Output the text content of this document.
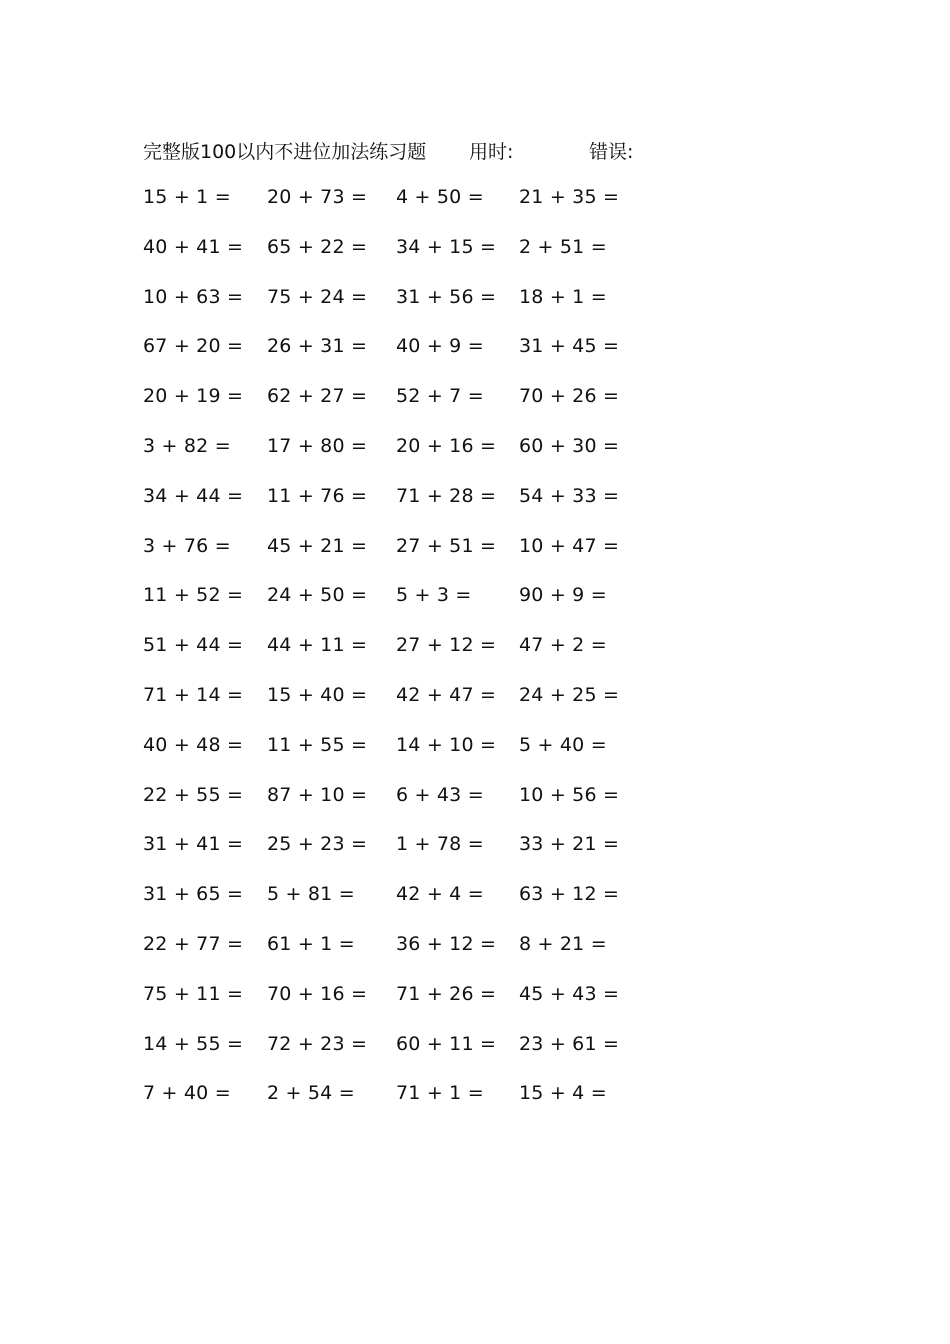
完整版100以内不进位加法练习题 用时:	错误:
15 + 1 = 20 + 73 = 4 + 50 = 21 + 35 =
40 + 41 = 65 + 22 = 34 + 15 = 2 + 51 =
10 + 63 = 75 + 24 = 31 + 56 = 18 + 1 =
67 + 20 = 26 + 31 = 40 + 9 = 31 + 45 =
20 + 19 = 62 + 27 = 52 + 7 = 70 + 26 =
3 + 82 = 17 + 80 = 20 + 16 = 60 + 30 =
34 + 44 = 11 + 76 = 71 + 28 = 54 + 33 =
3 + 76 = 45 + 21 = 27 + 51 = 10 + 47 =
11 + 52 = 24 + 50 = 5 + 3 = 90 + 9 =
51 + 44 = 44 + 11 = 27 + 12 = 47 + 2 =
71 + 14 = 15 + 40 = 42 + 47 = 24 + 25 =
40 + 48 = 11 + 55 = 14 + 10 = 5 + 40 =
22 + 55 = 87 + 10 = 6 + 43 = 10 + 56 =
31 + 41 = 25 + 23 = 1 + 78 = 33 + 21 =
31 + 65 = 5 + 81 = 42 + 4 = 63 + 12 =
22 + 77 = 61 + 1 = 36 + 12 = 8 + 21 =
75 + 11 = 70 + 16 = 71 + 26 = 45 + 43 =
14 + 55 = 72 + 23 = 60 + 11 = 23 + 61 =
7 + 40 = 2 + 54 = 71 + 1 = 15 + 4 =
